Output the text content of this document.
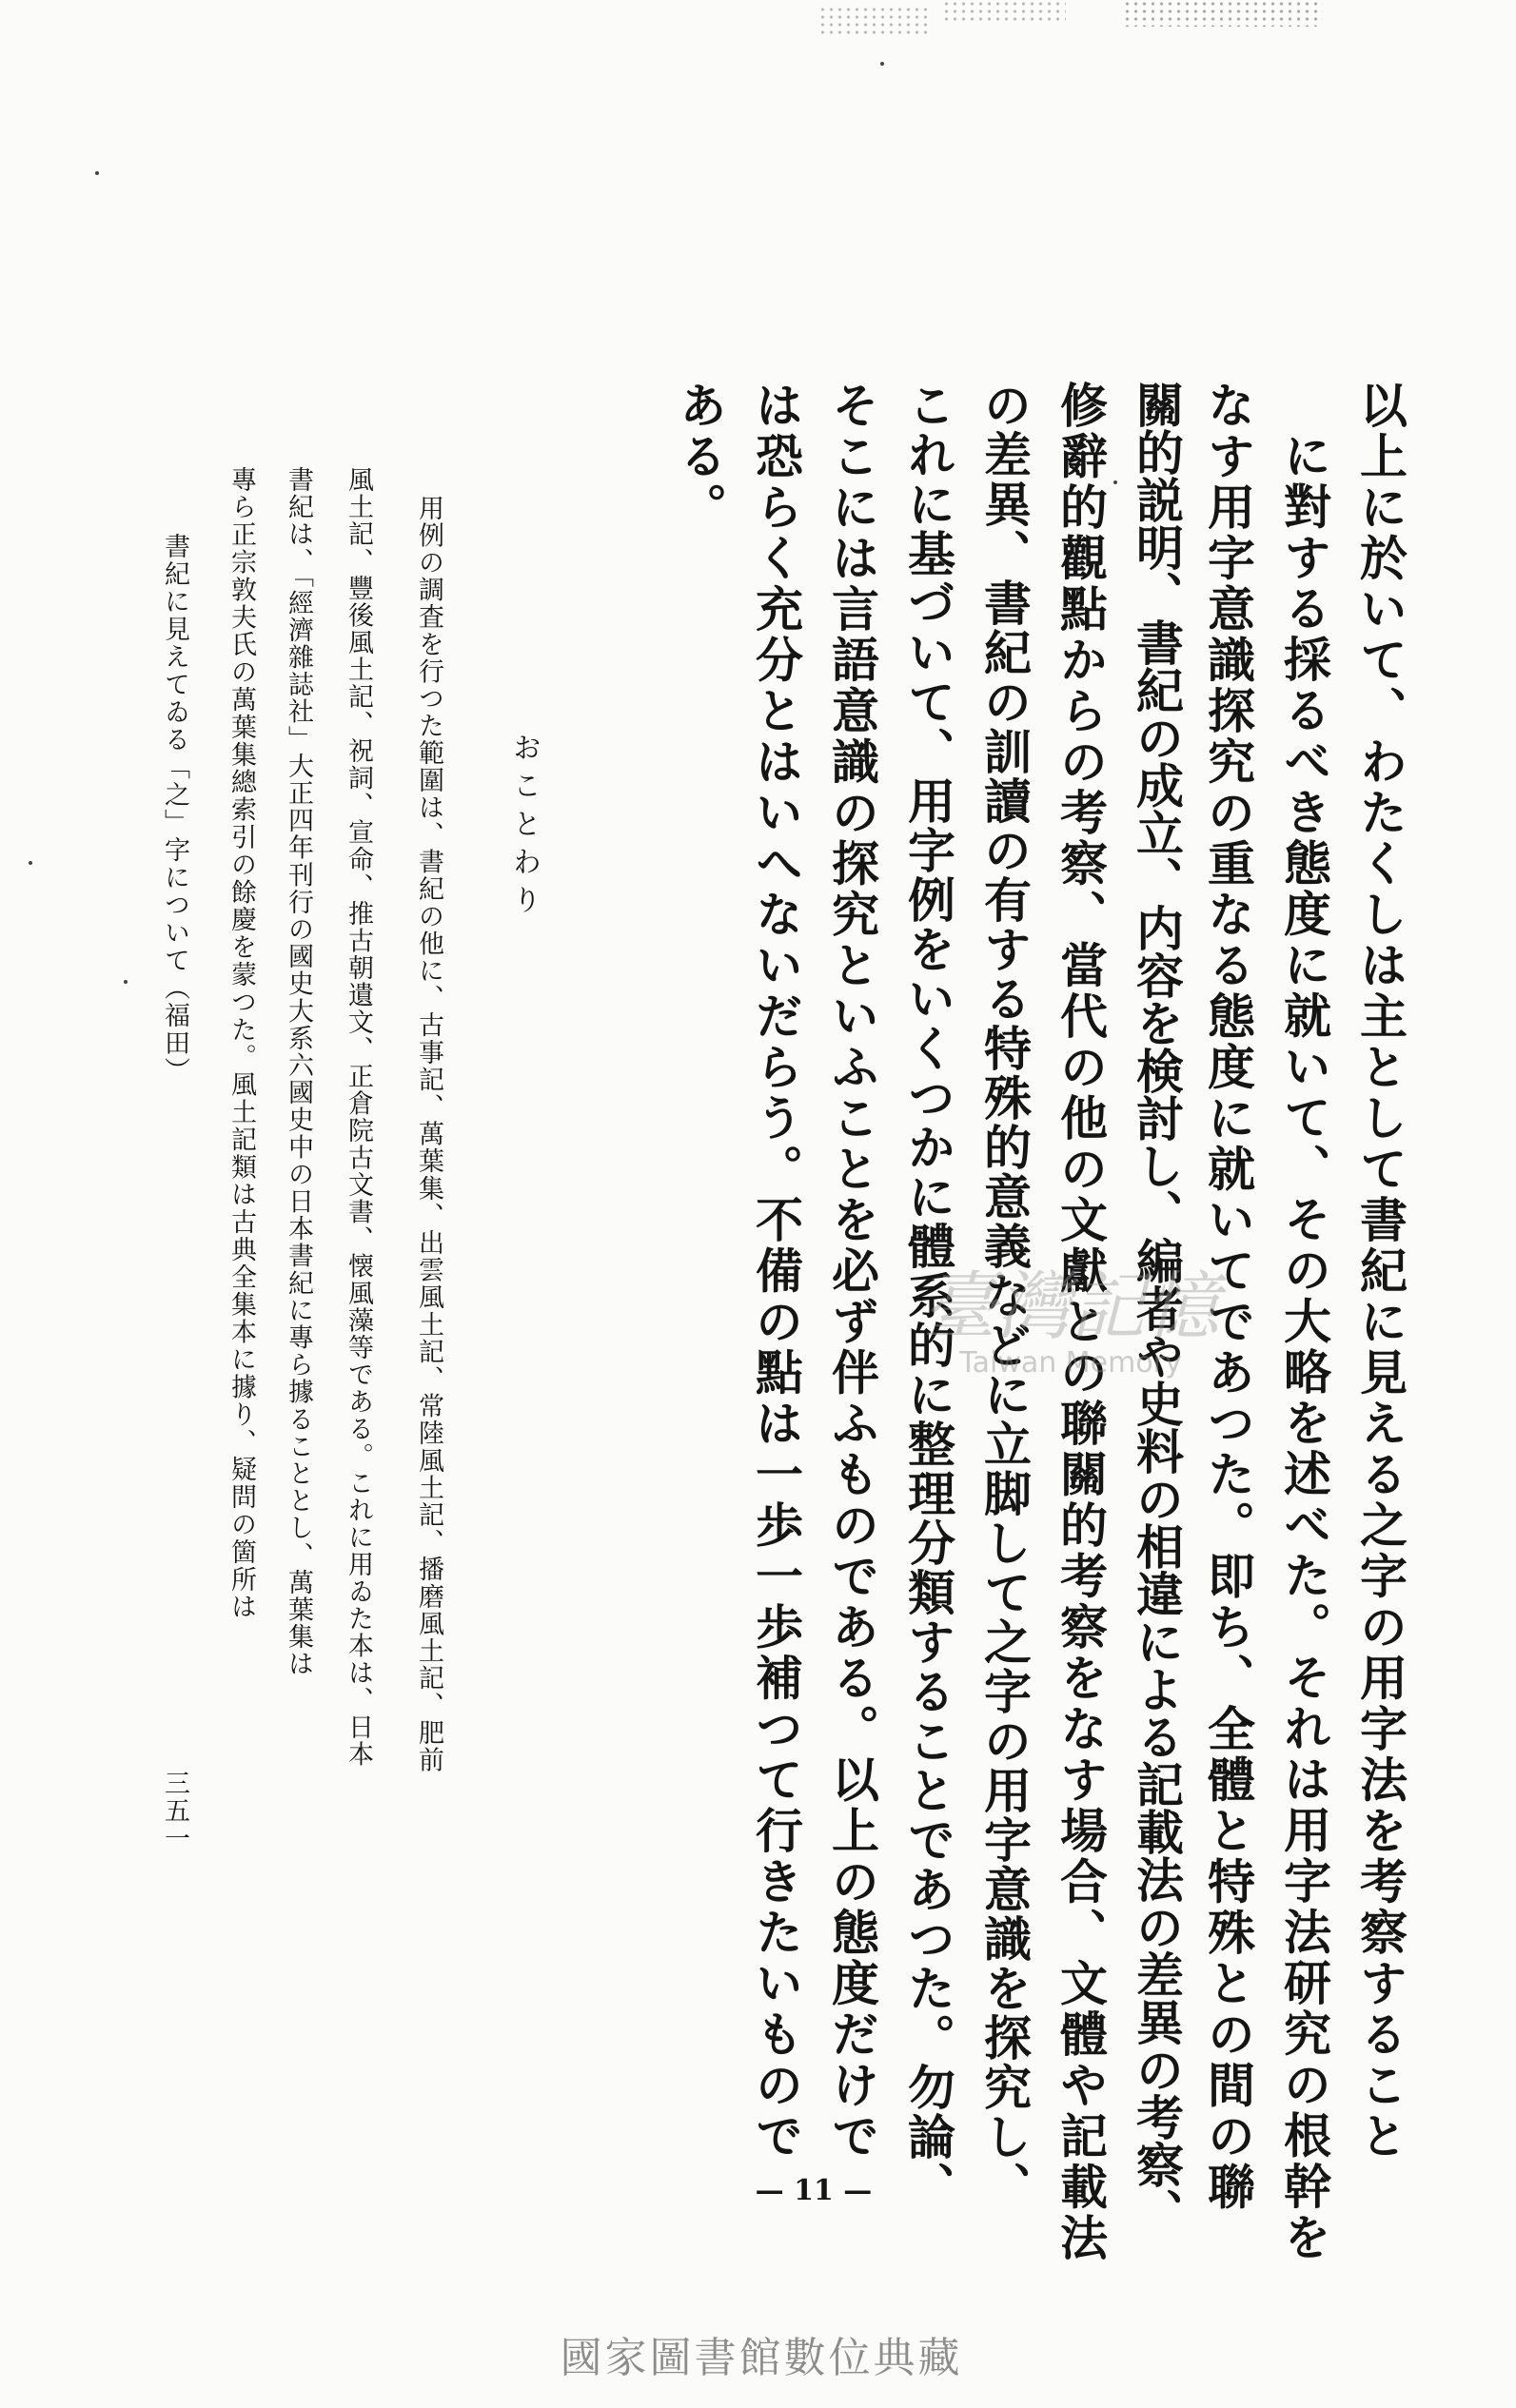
以上に於いて、わたくしは主として書紀に見える之字の用字法を考察すること
に對する採るべき態度に就いて、その大略を述べた。それは用字法研究の根幹を
なす用字意識探究の重なる態度に就いてであつた。即ち、全體と特殊との間の聯
關的説明、書紀の成立、内容を検討し、編者や史料の相違による記載法の差異の考察、
修辭的觀點からの考察、當代の他の文獻との聯關的考察をなす場合、文體や記載法
の差異、書紀の訓讀の有する特殊的意義などに立脚して之字の用字意識を探究し、
これに基づいて、用字例をいくつかに體系的に整理分類することであつた。勿論、
そこには言語意識の探究といふことを必ず伴ふものである。以上の態度だけで
は恐らく充分とはいへないだらう。不備の點は一歩一歩補つて行きたいもので
ある。
おことわり
用例の調査を行つた範圍は、書紀の他に、古事記、萬葉集、出雲風土記、常陸風土記、播磨風土記、肥前
風土記、豐後風土記、祝詞、宣命、推古朝遺文、正倉院古文書、懐風藻等である。これに用ゐた本は、日本
書紀は、「經濟雜誌社」大正四年刊行の國史大系六國史中の日本書紀に專ら據ることとし、萬葉集は
專ら正宗敦夫氏の萬葉集總索引の餘慶を蒙つた。風土記類は古典全集本に據り、疑問の箇所は
書紀に見えてゐる「之」字について（福田）
三五一
— 11 —
臺灣記憶
Taiwan Memory
國家圖書館數位典藏
